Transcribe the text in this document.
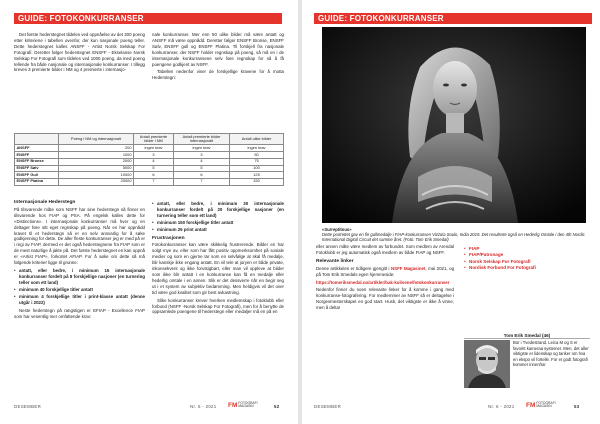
GUIDE: FOTOKONKURRANSER

Det første hederstegnet tildeles ved oppnåelse av det 200 poeng etter kriteriene i tabellen ovenfor, der kun nasjonale poeng teller. Dette hederstegnet kalles ANSFF - Artist Norsk Selskap For Fotografi. Deretter følger hederstegnet ENSFF - Ekselanse Norsk Selskap For Fotografi som tildeles ved 1000 poeng, da med poeng tellende fra både nasjonale og internasjonale konkurranser. I tillegg kreves 3 premierte bilder i NM og 4 premierte i internasjo-

nale konkurranser. Mer enn 50 ulike bilder må være antatt og ANSFF må være oppnådd. Deretter følger ENSFF Bronse, ENSFF Sølv, ENSFF gull og ENSFF Platina. Til forskjell fra nasjonale konkurranser, der NSFF holder regnskap på poeng, så må en i de internasjonale konkurransene selv føre regnskap for så å få poengene godkjent av NSFF.

Tabellen nedenfor viser de forskjellige kravene for å motta Hederstegn:

	Poeng i NM og internasjonalt	Antall premierte bilder i NM	Antall premierte bilder internasjonalt	Antall ulike bilder
ANSFF	200	ingen krav	ingen krav	ingen krav
ENSFF	1000	3	3	50
ENSFF Bronse	2000	4	4	75
ENSFF Sølv	5000	5	5	100
ENSFF Gull	10000	6	6	125
ENSFF Platina	20000	7	7	150
Internasjonale Hederstegn

På tilsvarende måte som NSFF har sine hederstegn så finner en tilsvarende hos FIAP og PSA. På engelsk kalles dette for «Distinctions». I internasjonale konkurranser må hver og en deltager føre sitt eget regnskap på poeng. Når en har oppnådd kravet til et hederstegn så er en selv ansvarlig for å søke godkjenning for dette. De aller fleste konkurranser jeg er med på er i regi av FIAP, dermed er det også hederstegnene fra FIAP som er de mest naturlige å jakte på. Det første hederstegnet en kan oppnå er «Artist FIAP», forkortet AFIAP. For å søke om dette så må følgende kriterier ligge til grunne:

• antatt, eller bedre, i minimum 15 internasjonale konkurranser fordelt på 8 forskjellige nasjoner (en turnering teller som ett land)
• minimum 40 forskjellige titler antatt
• minimum 4 forskjellige titler i print-klasse antatt (denne utgår i 2022)

Neste hederstegn på rangstigen er EFIAP - Excellence FIAP som har vesentlig mer omfattende krav:

• antatt, eller bedre, i minimum 30 internasjonale konkurranser fordelt på 20 forskjellige nasjoner (en turnering teller som ett land)
• minimum 150 forskjellige titler antatt
• minimum 25 print antatt
Frustrasjonen

Fotokonkurranser kan være skikkelig frustrerende. Bilder en har solgt mye av, eller som har fått positiv oppmerksomhet på sosiale medier og som en gjerne tar som en selvfølge at skal få medalje, blir kanskje ikke engang antatt. En vil tele at juryen er både private, inkonsekvent og ikke forutsigbart, eller man vil oppleve at bilder som ikke blir antatt i en konkurranse kan få en medalje eller hederlig omtale i en annen. Slik er det dessverre når en begir seg ut i et system av subjektiv bedømming. Men heldigvis vil det over tid være god kvalitet som gir best avkastning.

Slike konkurranser krever hverken medlemskap i fotoklubb eller forbund (NSFF -Norsk Selskap For Fotografi), men for å benytte de oppsamlede poengene til hederstegn eller medaljer må en på en

DESEMBER	Nr. 6 - 2021 FMFOTOGRAFI
MAGASIN	52
GUIDE: FOTOKONKURRANSER
«Surreptitous»
Dette portrettet gav en fin gullmedalje i FIAP-konkurransen Vizzola Soulo, India 2019. Det resulterte også en Hederlig Omtale i den 4th Nordic International Digital Circuit det samme året. (Foto: Tom Erik Smedal)

eller annen måte være medlem av forbundet. Som medlem av Arendal Fotoklubb er jeg automatisk også medlem av både FIAP og NSFF.

Relevante linker

Denne artikkelen er tidligere gjengitt i NSFF Magasinet, mai 2021, og på Tom Erik Smedals egen hjemmeside:

https://tomeriksmedal.no/artikler/bak-kulisene/fotokonkurranser

Nedenfor finner du noen relevante linker for å komme i gang med konkurranse-fotografering. For medlemmer av NSFF så er deltagelse i Norgesmesterskapet en god start. Husk, det viktigste er ikke å vinne, men å delta!

• FIAP
• FIAP/Patronage
• Norsk Selskap For Fotografi
• Nordisk Forbund For Fotografi
Tom Erik Smedal (46)
Bor i Tvedestrand. Leica M og S er favoritt kameraa systemer. Men, det aller viktigste er lidenskap og tanker om hva en ekspo vil fortelle. For et godt fotografi kommer innenfra!
DESEMBER	Nr. 6 - 2021 FMFOTOGRAFI
MAGASIN	53
